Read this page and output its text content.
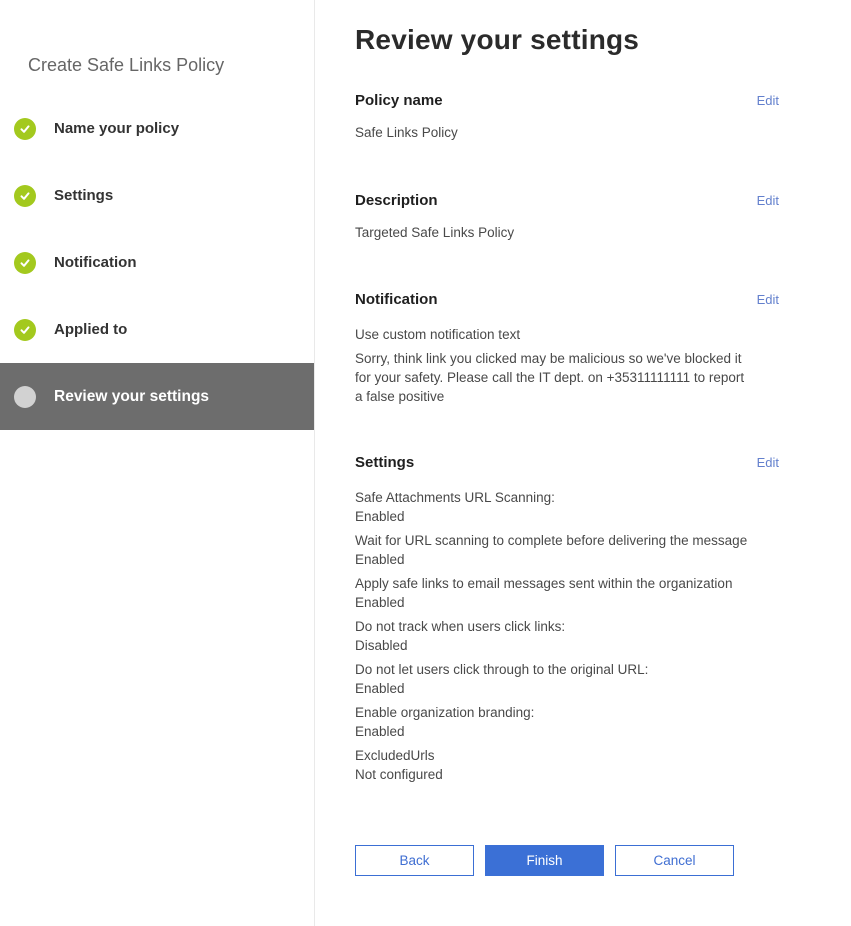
Create Safe Links Policy
Name your policy
Settings
Notification
Applied to
Review your settings
Review your settings
Policy name	Edit
Safe Links Policy
Description	Edit
Targeted Safe Links Policy
Notification	Edit
Use custom notification text
Sorry, think link you clicked may be malicious so we've blocked it for your safety. Please call the IT dept. on +35311111111 to report a false positive
Settings	Edit
Safe Attachments URL Scanning:
Enabled
Wait for URL scanning to complete before delivering the message
Enabled
Apply safe links to email messages sent within the organization
Enabled
Do not track when users click links:
Disabled
Do not let users click through to the original URL:
Enabled
Enable organization branding:
Enabled
ExcludedUrls
Not configured
Back	Finish	Cancel
